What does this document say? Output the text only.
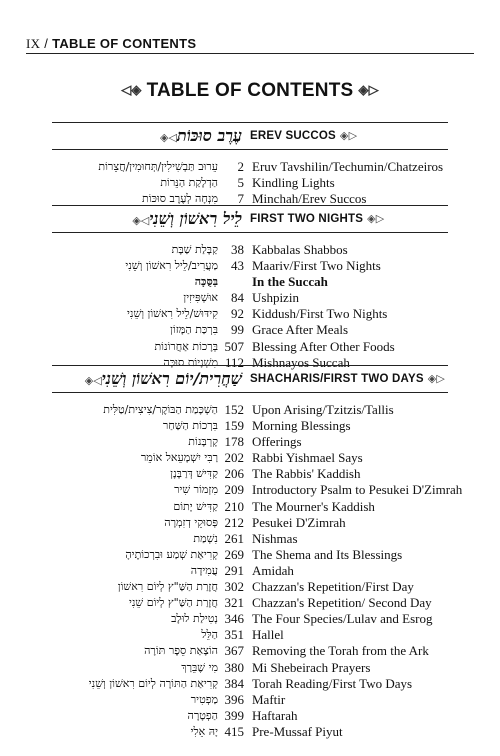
IX / TABLE OF CONTENTS
◁◈ TABLE OF CONTENTS ◈▷
עֶרֶב סוּכּוֹת◁◈	EREV SUCCOS ◈▷
עֵרוּב תַּבְשִׁילִין/תְּחוּמִין/חֲצֵרוֹת	2 Eruv Tavshilin/Techumin/Chatzeiros
הַדְלָקַת הַנֵּרוֹת	5 Kindling Lights
מִנְחָה לְעֶרֶב סוּכּוֹת	7 Minchah/Erev Succos
לֵיל רִאשׁוֹן וְשֵׁנִי◁◈	FIRST TWO NIGHTS ◈▷
קַבָּלַת שַׁבָּת	38 Kabbalas Shabbos
מַעֲרִיב/לֵיל רִאשׁוֹן וְשֵׁנִי	43 Maariv/First Two Nights
בַּסֻּכָּה	In the Succah
אוּשְׁפִּיזִין	84 Ushpizin
קִידּוּשׁ/לֵיל רִאשׁוֹן וְשֵׁנִי	92 Kiddush/First Two Nights
בִּרְכַּת הַמָּזוֹן	99 Grace After Meals
בְּרָכוֹת אַחֲרוֹנוֹת 507 Blessing After Other Foods
מִשְׁנָיוֹת סוּכָּה 112 Mishnayos Succah
שַׁחֲרִית/יוֹם רִאשׁוֹן וְשֵׁנִי◁◈	SHACHARIS/FIRST TWO DAYS ◈▷
הַשְׁכָּמַת הַבּוֹקֶר/צִיצִית/טַלִּית 152 Upon Arising/Tzitzis/Tallis
בִּרְכוֹת הַשַּׁחַר 159 Morning Blessings
קָרְבָּנוֹת 178 Offerings
רַבִּי יִשְׁמָעֵאל אוֹמֵר 202 Rabbi Yishmael Says
קַדִּישׁ דְּרַבָּנָן 206 The Rabbis' Kaddish
מִזְמוֹר שִׁיר 209 Introductory Psalm to Pesukei D'Zimrah
קַדִּישׁ יָתוֹם 210 The Mourner's Kaddish
פְּסוּקֵי דְזִמְרָה 212 Pesukei D'Zimrah
נִשְׁמַת 261 Nishmas
קְרִיאַת שְׁמַע וּבִרְכוֹתֶיהָ 269 The Shema and Its Blessings
עֲמִידָה 291 Amidah
חֲזָרַת הַשַּׁ"ץ לְיוֹם רִאשׁוֹן 302 Chazzan's Repetition/First Day
חֲזָרַת הַשַּׁ"ץ לְיוֹם שֵׁנִי 321 Chazzan's Repetition/ Second Day
נְטִילַת לוּלָב 346 The Four Species/Lulav and Esrog
הַלֵּל 351 Hallel
הוֹצָאַת סֵפֶר תּוֹרָה 367 Removing the Torah from the Ark
מִי שֶׁבֵּרַךְ 380 Mi Shebeirach Prayers
קְרִיאַת הַתּוֹרָה לְיוֹם רִאשׁוֹן וְשֵׁנִי 384 Torah Reading/First Two Days
מַפְטִיר 396 Maftir
הַפְטָרָה 399 Haftarah
יָהּ אֵלִי 415 Pre-Mussaf Piyut
